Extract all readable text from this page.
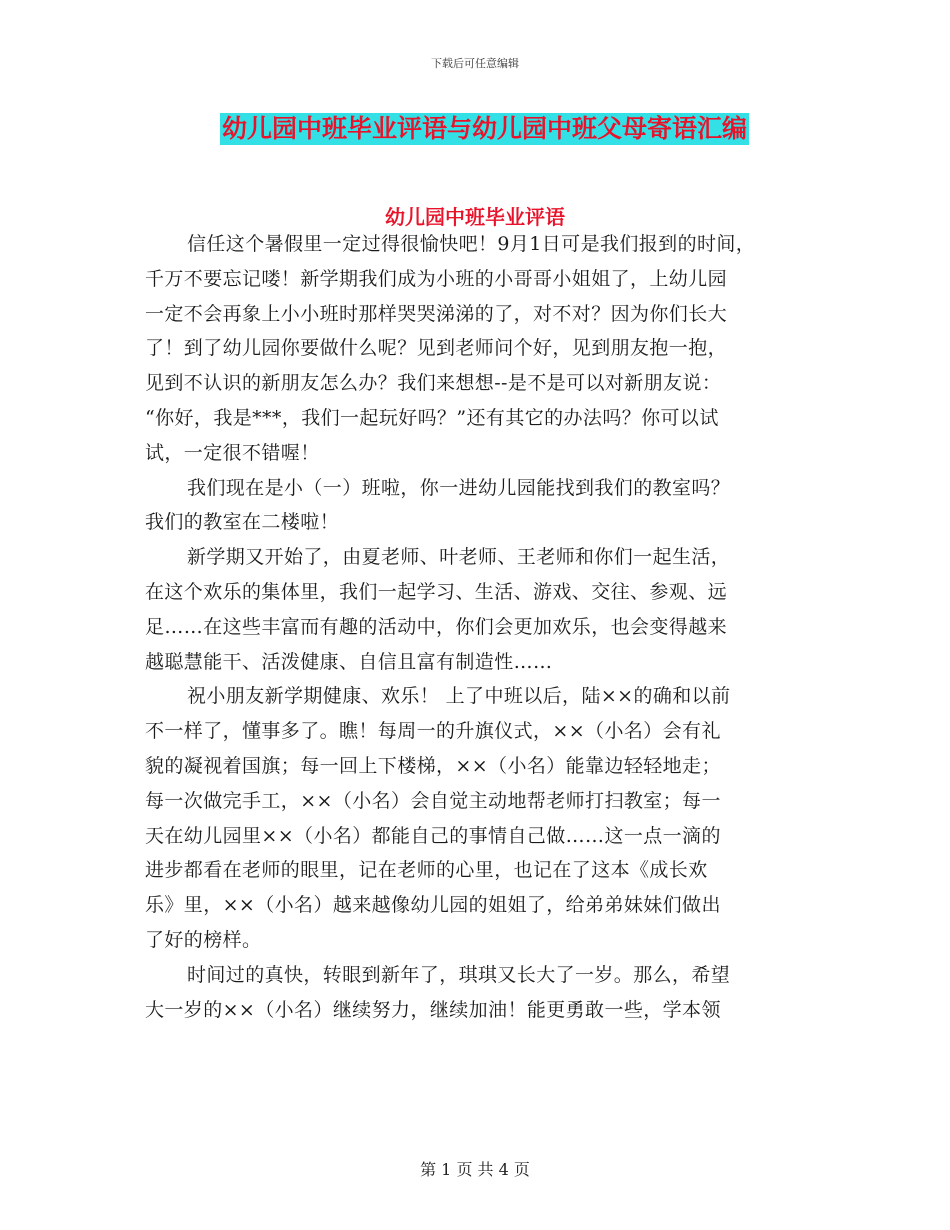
下载后可任意编辑
幼儿园中班毕业评语与幼儿园中班父母寄语汇编
幼儿园中班毕业评语

信任这个暑假里一定过得很愉快吧！9月1日可是我们报到的时间，
千万不要忘记喽！新学期我们成为小班的小哥哥小姐姐了，上幼儿园
一定不会再象上小小班时那样哭哭涕涕的了，对不对？因为你们长大
了！到了幼儿园你要做什么呢？见到老师问个好，见到朋友抱一抱，
见到不认识的新朋友怎么办？我们来想想--是不是可以对新朋友说：
“你好，我是***，我们一起玩好吗？”还有其它的办法吗？你可以试
试，一定很不错喔！

我们现在是小（一）班啦，你一进幼儿园能找到我们的教室吗？
我们的教室在二楼啦！

新学期又开始了，由夏老师、叶老师、王老师和你们一起生活，
在这个欢乐的集体里，我们一起学习、生活、游戏、交往、参观、远
足……在这些丰富而有趣的活动中，你们会更加欢乐，也会变得越来
越聪慧能干、活泼健康、自信且富有制造性……

祝小朋友新学期健康、欢乐！ 上了中班以后，陆××的确和以前
不一样了，懂事多了。瞧！每周一的升旗仪式，××（小名）会有礼
貌的凝视着国旗；每一回上下楼梯，××（小名）能靠边轻轻地走；
每一次做完手工，××（小名）会自觉主动地帮老师打扫教室；每一
天在幼儿园里××（小名）都能自己的事情自己做……这一点一滴的
进步都看在老师的眼里，记在老师的心里，也记在了这本《成长欢
乐》里，××（小名）越来越像幼儿园的姐姐了，给弟弟妹妹们做出
了好的榜样。

时间过的真快，转眼到新年了，琪琪又长大了一岁。那么，希望
大一岁的××（小名）继续努力，继续加油！能更勇敢一些，学本领

第 1 页 共 4 页
